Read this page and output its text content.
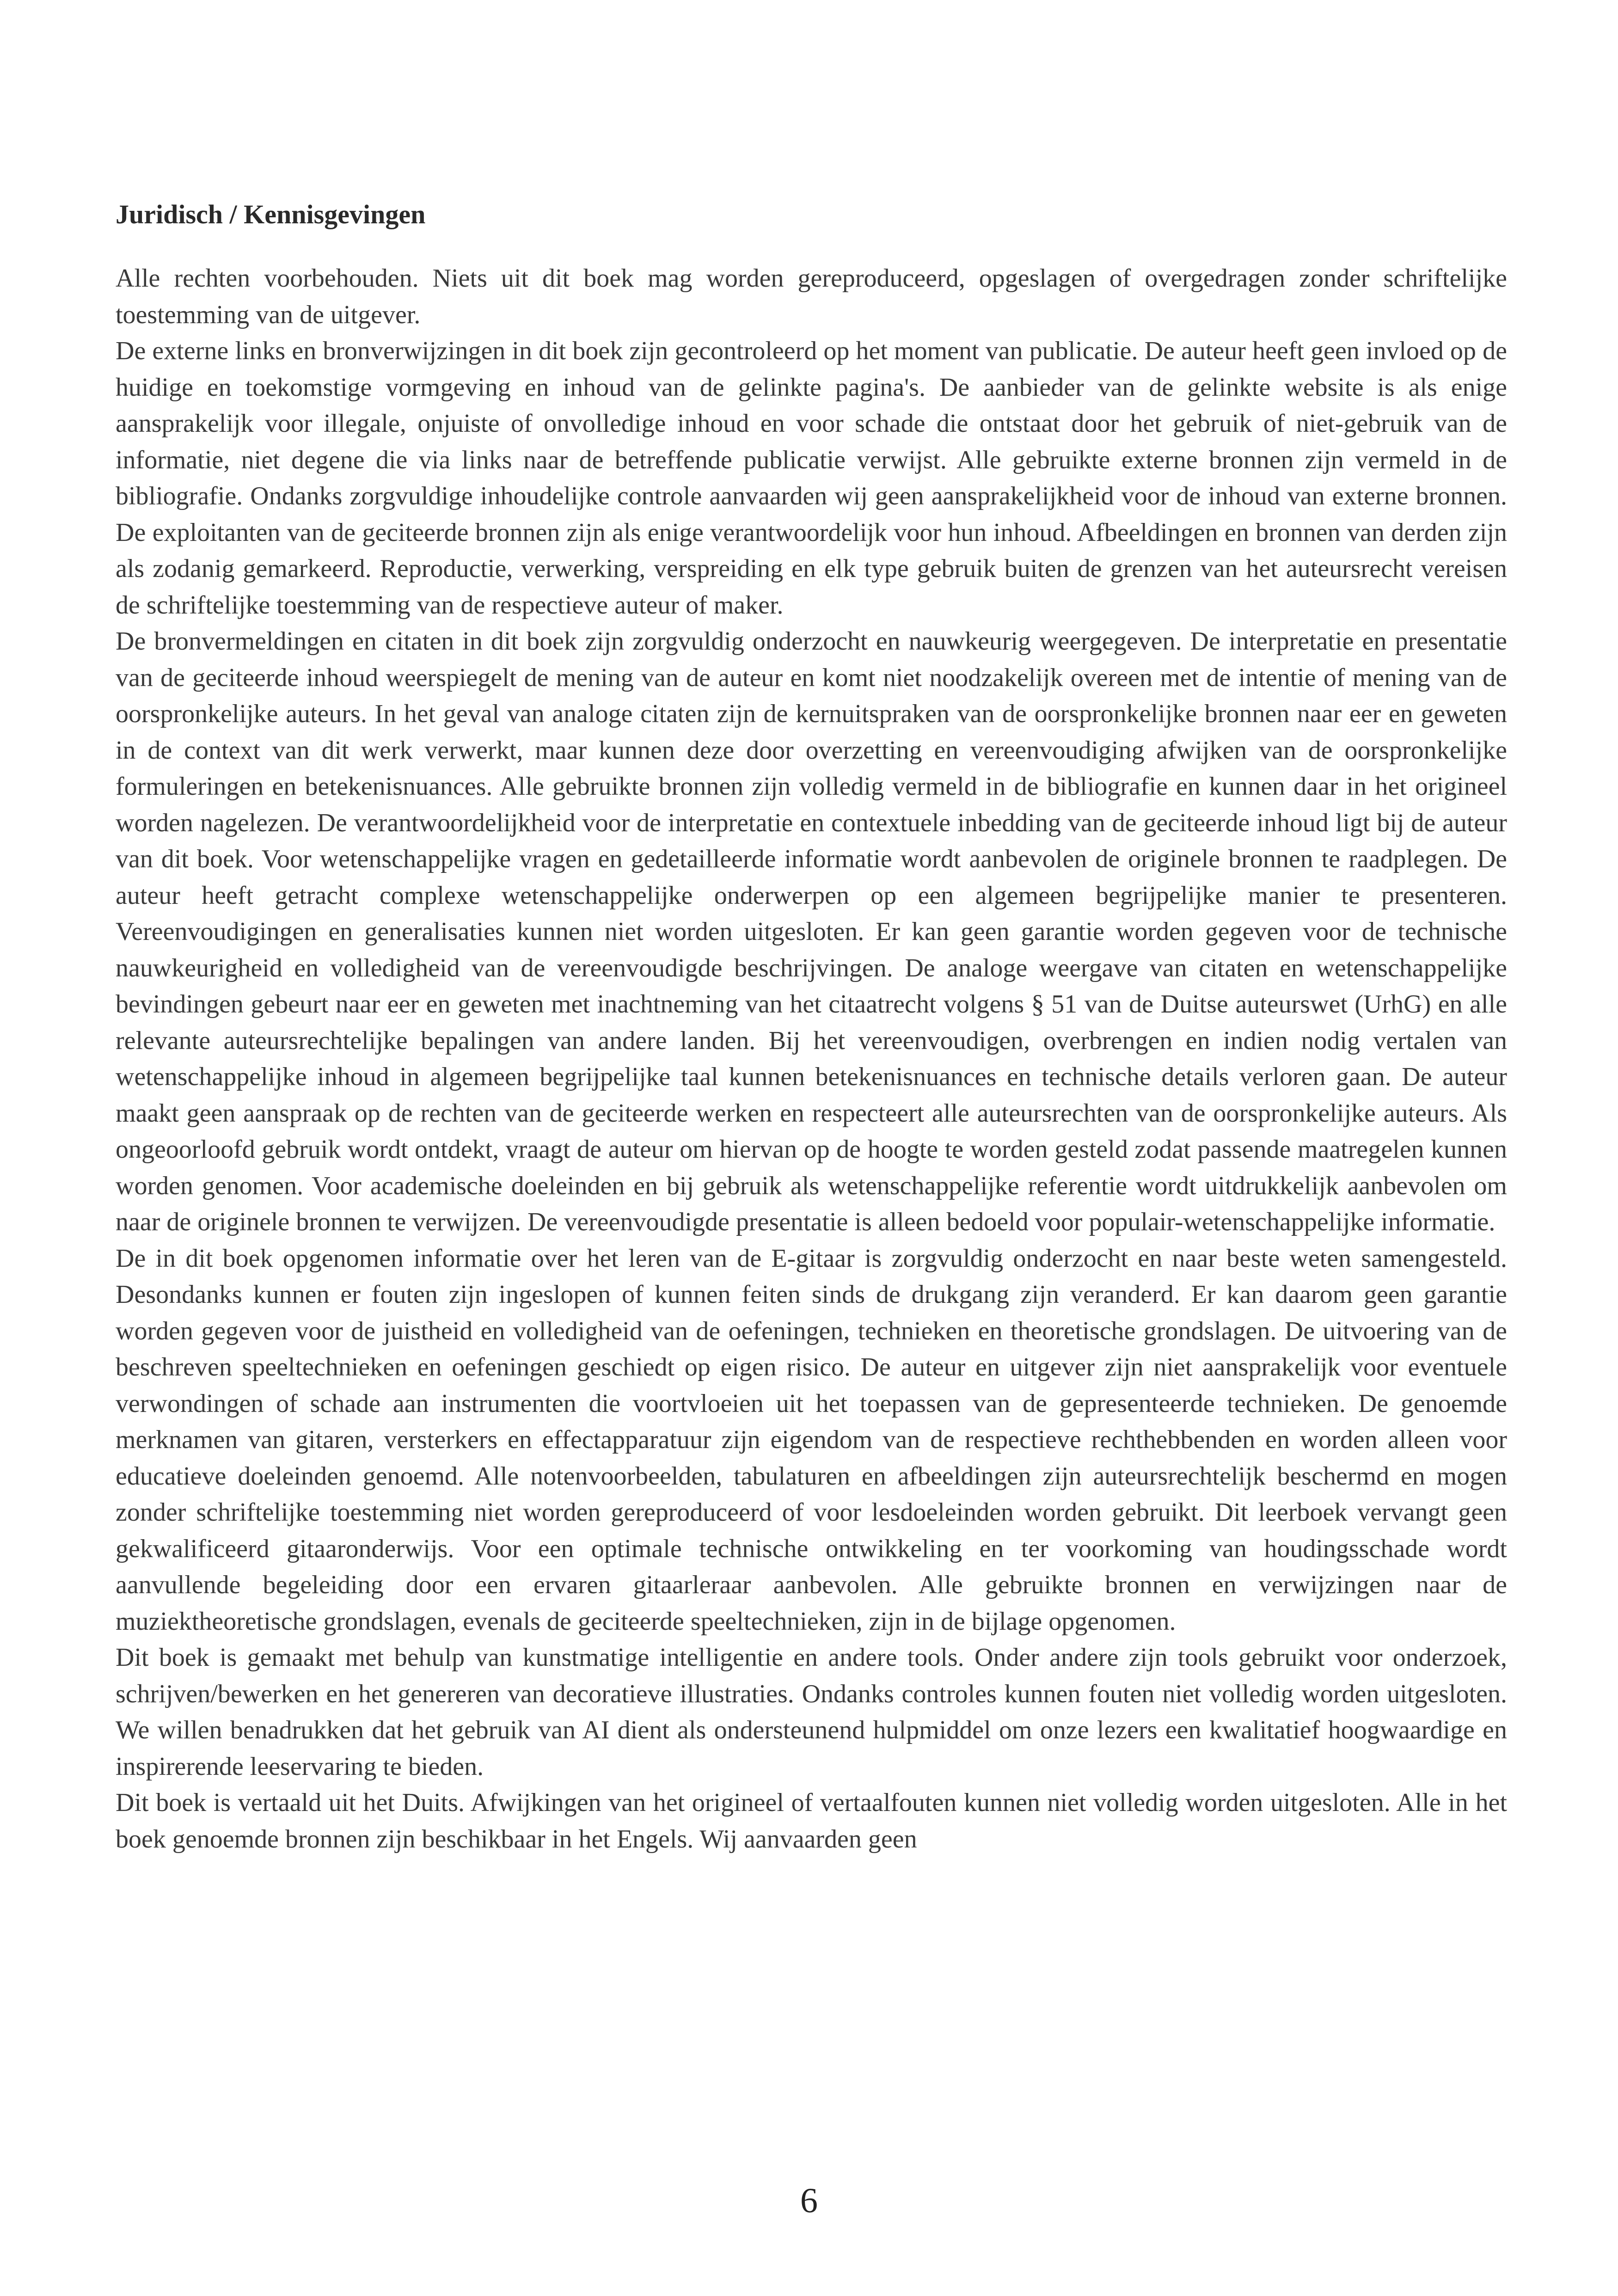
Juridisch / Kennisgevingen

Alle rechten voorbehouden. Niets uit dit boek mag worden gereproduceerd, opgeslagen of overgedragen zonder schriftelijke toestemming van de uitgever.

De externe links en bronverwijzingen in dit boek zijn gecontroleerd op het moment van publicatie. De auteur heeft geen invloed op de huidige en toekomstige vormgeving en inhoud van de gelinkte pagina's. De aanbieder van de gelinkte website is als enige aansprakelijk voor illegale, onjuiste of onvolledige inhoud en voor schade die ontstaat door het gebruik of niet-gebruik van de informatie, niet degene die via links naar de betreffende publicatie verwijst. Alle gebruikte externe bronnen zijn vermeld in de bibliografie. Ondanks zorgvuldige inhoudelijke controle aanvaarden wij geen aansprakelijkheid voor de inhoud van externe bronnen. De exploitanten van de geciteerde bronnen zijn als enige verantwoordelijk voor hun inhoud. Afbeeldingen en bronnen van derden zijn als zodanig gemarkeerd. Reproductie, verwerking, verspreiding en elk type gebruik buiten de grenzen van het auteursrecht vereisen de schriftelijke toestemming van de respectieve auteur of maker.

De bronvermeldingen en citaten in dit boek zijn zorgvuldig onderzocht en nauwkeurig weergegeven. De interpretatie en presentatie van de geciteerde inhoud weerspiegelt de mening van de auteur en komt niet noodzakelijk overeen met de intentie of mening van de oorspronkelijke auteurs. In het geval van analoge citaten zijn de kernuitspraken van de oorspronkelijke bronnen naar eer en geweten in de context van dit werk verwerkt, maar kunnen deze door overzetting en vereenvoudiging afwijken van de oorspronkelijke formuleringen en betekenisnuances. Alle gebruikte bronnen zijn volledig vermeld in de bibliografie en kunnen daar in het origineel worden nagelezen. De verantwoordelijkheid voor de interpretatie en contextuele inbedding van de geciteerde inhoud ligt bij de auteur van dit boek. Voor wetenschappelijke vragen en gedetailleerde informatie wordt aanbevolen de originele bronnen te raadplegen. De auteur heeft getracht complexe wetenschappelijke onderwerpen op een algemeen begrijpelijke manier te presenteren. Vereenvoudigingen en generalisaties kunnen niet worden uitgesloten. Er kan geen garantie worden gegeven voor de technische nauwkeurigheid en volledigheid van de vereenvoudigde beschrijvingen. De analoge weergave van citaten en wetenschappelijke bevindingen gebeurt naar eer en geweten met inachtneming van het citaatrecht volgens § 51 van de Duitse auteurswet (UrhG) en alle relevante auteursrechtelijke bepalingen van andere landen. Bij het vereenvoudigen, overbrengen en indien nodig vertalen van wetenschappelijke inhoud in algemeen begrijpelijke taal kunnen betekenisnuances en technische details verloren gaan. De auteur maakt geen aanspraak op de rechten van de geciteerde werken en respecteert alle auteursrechten van de oorspronkelijke auteurs. Als ongeoorloofd gebruik wordt ontdekt, vraagt de auteur om hiervan op de hoogte te worden gesteld zodat passende maatregelen kunnen worden genomen. Voor academische doeleinden en bij gebruik als wetenschappelijke referentie wordt uitdrukkelijk aanbevolen om naar de originele bronnen te verwijzen. De vereenvoudigde presentatie is alleen bedoeld voor populair-wetenschappelijke informatie.

De in dit boek opgenomen informatie over het leren van de E-gitaar is zorgvuldig onderzocht en naar beste weten samengesteld. Desondanks kunnen er fouten zijn ingeslopen of kunnen feiten sinds de drukgang zijn veranderd. Er kan daarom geen garantie worden gegeven voor de juistheid en volledigheid van de oefeningen, technieken en theoretische grondslagen. De uitvoering van de beschreven speeltechnieken en oefeningen geschiedt op eigen risico. De auteur en uitgever zijn niet aansprakelijk voor eventuele verwondingen of schade aan instrumenten die voortvloeien uit het toepassen van de gepresenteerde technieken. De genoemde merknamen van gitaren, versterkers en effectapparatuur zijn eigendom van de respectieve rechthebbenden en worden alleen voor educatieve doeleinden genoemd. Alle notenvoorbeelden, tabulaturen en afbeeldingen zijn auteursrechtelijk beschermd en mogen zonder schriftelijke toestemming niet worden gereproduceerd of voor lesdoeleinden worden gebruikt. Dit leerboek vervangt geen gekwalificeerd gitaaronderwijs. Voor een optimale technische ontwikkeling en ter voorkoming van houdingsschade wordt aanvullende begeleiding door een ervaren gitaarleraar aanbevolen. Alle gebruikte bronnen en verwijzingen naar de muziektheoretische grondslagen, evenals de geciteerde speeltechnieken, zijn in de bijlage opgenomen.

Dit boek is gemaakt met behulp van kunstmatige intelligentie en andere tools. Onder andere zijn tools gebruikt voor onderzoek, schrijven/bewerken en het genereren van decoratieve illustraties. Ondanks controles kunnen fouten niet volledig worden uitgesloten. We willen benadrukken dat het gebruik van AI dient als ondersteunend hulpmiddel om onze lezers een kwalitatief hoogwaardige en inspirerende leeservaring te bieden.

Dit boek is vertaald uit het Duits. Afwijkingen van het origineel of vertaalfouten kunnen niet volledig worden uitgesloten. Alle in het boek genoemde bronnen zijn beschikbaar in het Engels. Wij aanvaarden geen

6
